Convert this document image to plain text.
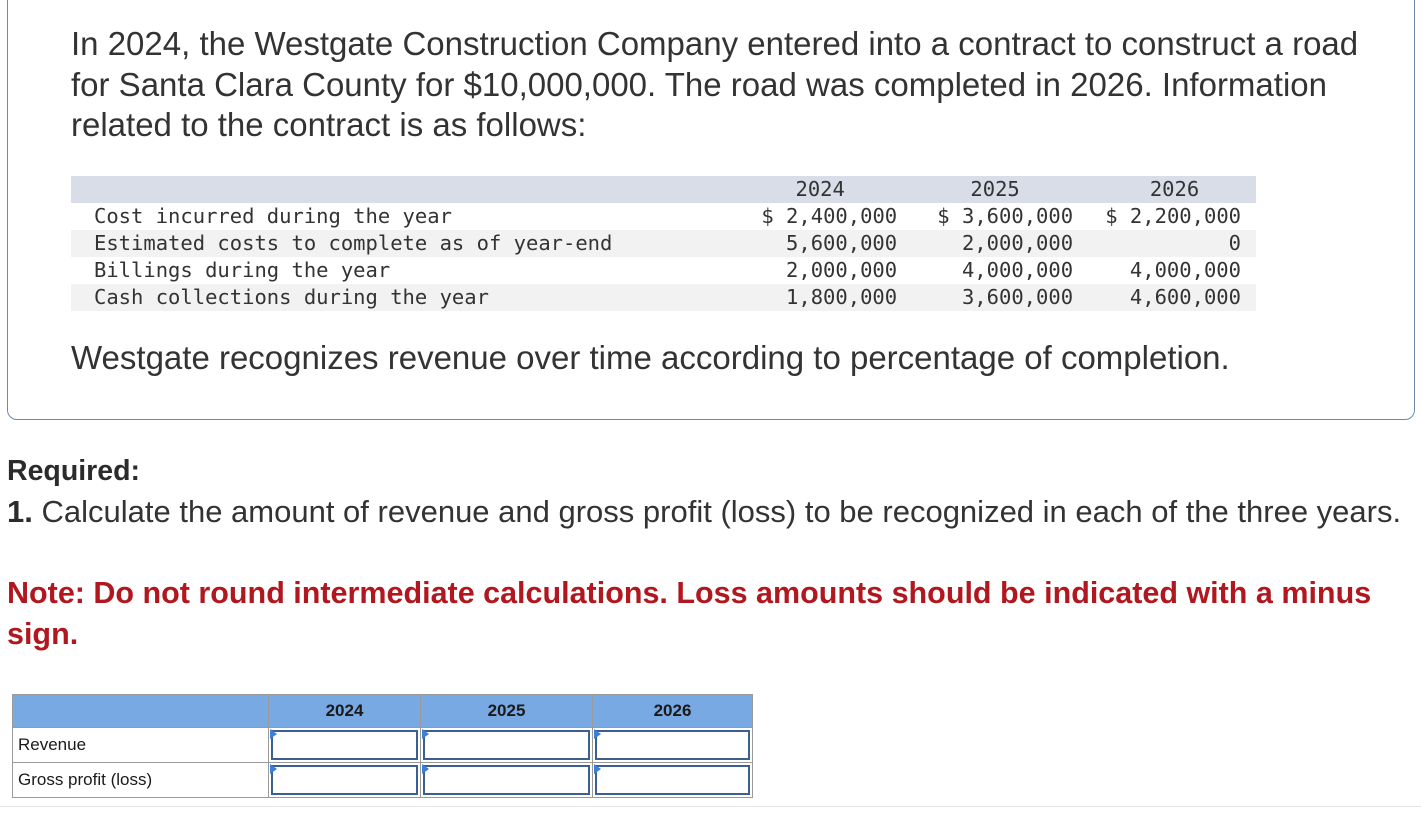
In 2024, the Westgate Construction Company entered into a contract to construct a road for Santa Clara County for $10,000,000. The road was completed in 2026. Information related to the contract is as follows:

	2024	2025	2026
Cost incurred during the year	$ 2,400,000	$ 3,600,000	$ 2,200,000
Estimated costs to complete as of year-end	5,600,000	2,000,000	0
Billings during the year	2,000,000	4,000,000	4,000,000
Cash collections during the year	1,800,000	3,600,000	4,600,000

Westgate recognizes revenue over time according to percentage of completion.

Required:

1. Calculate the amount of revenue and gross profit (loss) to be recognized in each of the three years.

Note: Do not round intermediate calculations. Loss amounts should be indicated with a minus sign.

	2024	2025	2026
Revenue	

Gross profit (loss)	
